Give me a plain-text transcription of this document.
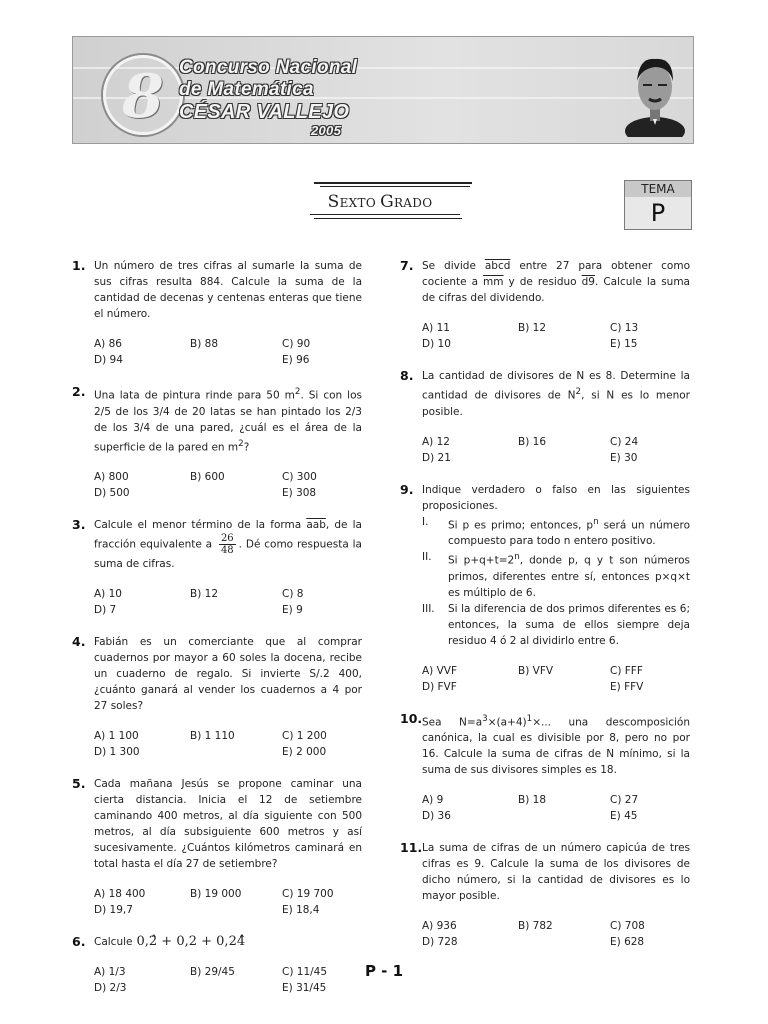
8 Concurso Nacional
de Matemática
CÉSAR VALLEJO
2005
SEXTO GRADO
TEMA
P
1. Un número de tres cifras al sumarle la suma de sus cifras resulta 884. Calcule la suma de la cantidad de decenas y centenas enteras que tiene el número.
A) 86	B) 88	C) 90
D) 94	E) 96
2. Una lata de pintura rinde para 50 $m^2$. Si con los 2/5 de los 3/4 de 20 latas se han pintado los 2/3 de los 3/4 de una pared, ¿cuál es el área de la superficie de la pared en $m^2$?
A) 800	B) 600	C) 300
D) 500	E) 308
3. Calcule el menor término de la forma $\overline{aab}$, de la fracción equivalente a $\frac{26}{48}$ . Dé como respuesta la suma de cifras.
A) 10	B) 12	C) 8
D) 7	E) 9
4. Fabián es un comerciante que al comprar cuadernos por mayor a 60 soles la docena, recibe un cuaderno de regalo. Si invierte S/.2 400, ¿cuánto ganará al vender los cuadernos a 4 por 27 soles?
A) 1 100	B) 1 110	C) 1 200
D) 1 300	E) 2 000
5. Cada mañana Jesús se propone caminar una cierta distancia. Inicia el 12 de setiembre caminando 400 metros, al día siguiente con 500 metros, al día subsiguiente 600 metros y así sucesivamente. ¿Cuántos kilómetros caminará en total hasta el día 27 de setiembre?
A) 18 400	B) 19 000	C) 19 700
D) 19,7	E) 18,4
6. Calcule 0,2̂ + 0,2 + 0,24̂
A) 1/3	B) 29/45	C) 11/45
D) 2/3	E) 31/45
7. Se divide abcd entre 27 para obtener como cociente a $\overline{mm}$ y de residuo d9. Calcule la suma de cifras del dividendo.
A) 11	B) 12	C) 13
D) 10	E) 15
8. La cantidad de divisores de N es 8. Determine la cantidad de divisores de $N^2$, si N es lo menor posible.
A) 12	B) 16	C) 24
D) 21	E) 30
9. Indique verdadero o falso en las siguientes proposiciones.
I.	Si p es primo; entonces, $p^n$ será un número compuesto para todo n entero positivo.
II.	Si $p+q+t=2^n$, donde p, q y t son números primos, diferentes entre sí, entonces p×q×t es múltiplo de 6.
III.	Si la diferencia de dos primos diferentes es 6; entonces, la suma de ellos siempre deja residuo 4 ó 2 al dividirlo entre 6.
A) VVF	B) VFV	C) FFF
D) FVF	E) FFV
10. Sea $N=a^3\times(a+4)^1\times$... una descomposición canónica, la cual es divisible por 8, pero no por 16. Calcule la suma de cifras de N mínimo, si la suma de sus divisores simples es 18.
A) 9	B) 18	C) 27
D) 36	E) 45
11. La suma de cifras de un número capicúa de tres cifras es 9. Calcule la suma de los divisores de dicho número, si la cantidad de divisores es lo mayor posible.
A) 936	B) 782	C) 708
D) 728	E) 628
P - 1
